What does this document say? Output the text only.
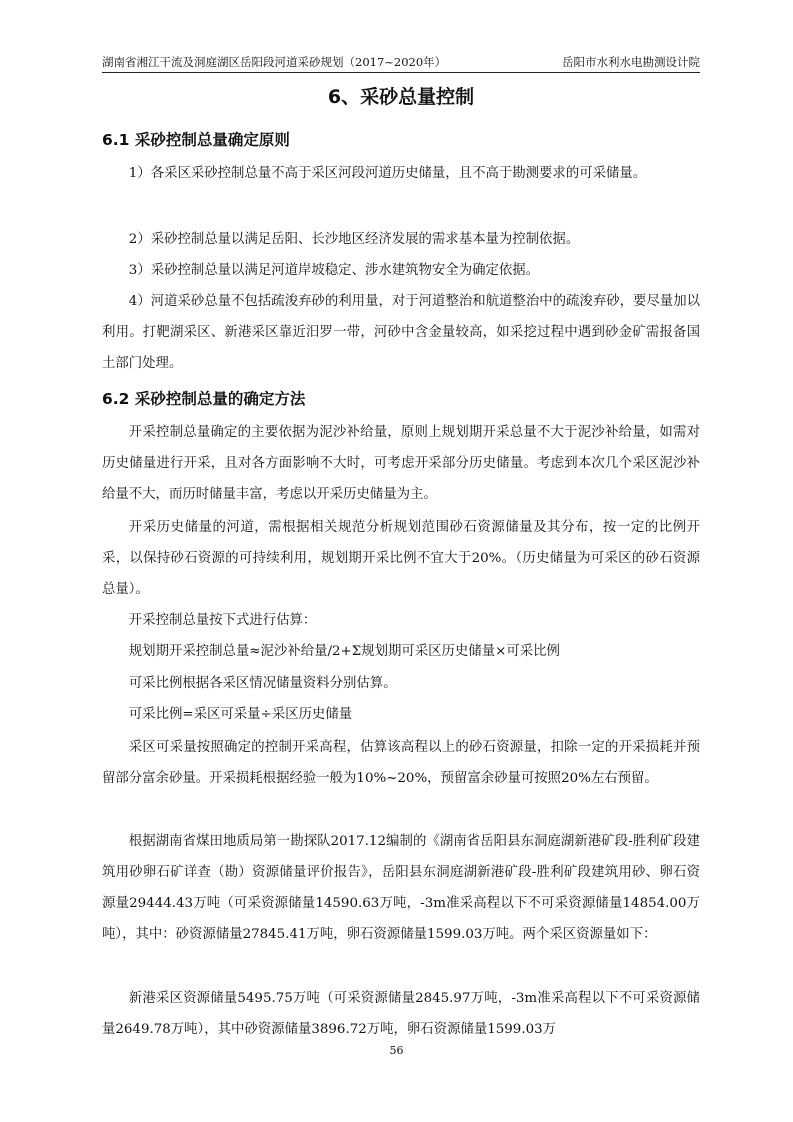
湖南省湘江干流及洞庭湖区岳阳段河道采砂规划（2017~2020年）	岳阳市水利水电勘测设计院
6、采砂总量控制
6.1 采砂控制总量确定原则

1）各采区采砂控制总量不高于采区河段河道历史储量，且不高于勘测要求的可采储量。

2）采砂控制总量以满足岳阳、长沙地区经济发展的需求基本量为控制依据。

3）采砂控制总量以满足河道岸坡稳定、涉水建筑物安全为确定依据。

4）河道采砂总量不包括疏浚弃砂的利用量，对于河道整治和航道整治中的疏浚弃砂，要尽量加以利用。打靶湖采区、新港采区靠近汨罗一带，河砂中含金量较高，如采挖过程中遇到砂金矿需报备国土部门处理。

6.2 采砂控制总量的确定方法

开采控制总量确定的主要依据为泥沙补给量，原则上规划期开采总量不大于泥沙补给量，如需对历史储量进行开采，且对各方面影响不大时，可考虑开采部分历史储量。考虑到本次几个采区泥沙补给量不大，而历时储量丰富，考虑以开采历史储量为主。

开采历史储量的河道，需根据相关规范分析规划范围砂石资源储量及其分布，按一定的比例开采，以保持砂石资源的可持续利用，规划期开采比例不宜大于20%。（历史储量为可采区的砂石资源总量）。

开采控制总量按下式进行估算：

规划期开采控制总量≈泥沙补给量/2+Σ规划期可采区历史储量×可采比例

可采比例根据各采区情况储量资料分别估算。

可采比例=采区可采量÷采区历史储量

采区可采量按照确定的控制开采高程，估算该高程以上的砂石资源量，扣除一定的开采损耗并预留部分富余砂量。开采损耗根据经验一般为10%~20%，预留富余砂量可按照20%左右预留。

根据湖南省煤田地质局第一勘探队2017.12编制的《湖南省岳阳县东洞庭湖新港矿段-胜利矿段建筑用砂卵石矿详查（勘）资源储量评价报告》，岳阳县东洞庭湖新港矿段-胜利矿段建筑用砂、卵石资源量29444.43万吨（可采资源储量14590.63万吨，-3m准采高程以下不可采资源储量14854.00万吨），其中：砂资源储量27845.41万吨，卵石资源储量1599.03万吨。两个采区资源量如下：

新港采区资源储量5495.75万吨（可采资源储量2845.97万吨，-3m准采高程以下不可采资源储量2649.78万吨），其中砂资源储量3896.72万吨，卵石资源储量1599.03万

56
